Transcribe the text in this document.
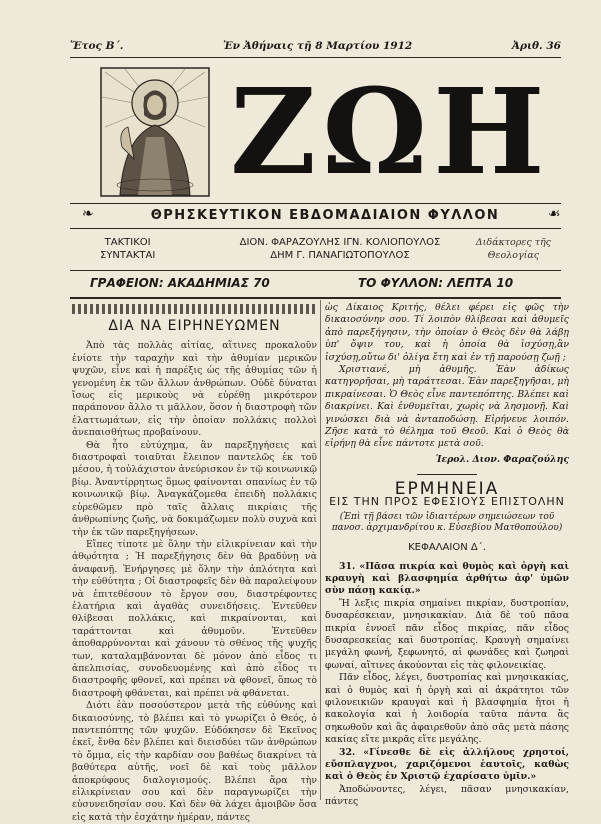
Ἔτος Β΄.	Ἐν Ἀθήναις τῇ 8 Μαρτίου 1912	Ἀριθ. 36
ΖΩΗ
❧	ΘΡΗΣΚΕΥΤΙΚΟΝ ΕΒΔΟΜΑΔΙΑΙΟΝ ΦΥΛΛΟΝ	☙
ΤΑΚΤΙΚΟΙ
ΣΥΝΤΑΚΤΑΙ
ΔΙΟΝ. ΦΑΡΑΖΟΥΛΗΣ ΙΓΝ. ΚΟΛΙΟΠΟΥΛΟΣ
ΔΗΜ Γ. ΠΑΝΑΓΙΩΤΟΠΟΥΛΟΣ
Διδάκτορες τῆς
Θεολογίας
ΓΡΑΦΕΙΟΝ: ΑΚΑΔΗΜΙΑΣ 70	ΤΟ ΦΥΛΛΟΝ: ΛΕΠΤΑ 10
ΔΙΑ ΝΑ ΕΙΡΗΝΕΥΩΜΕΝ

Ἀπὸ τὰς πολλὰς αἰτίας, αἵτινες προκαλοῦν ἐνίοτε τὴν ταραχὴν καὶ τὴν ἀθυμίαν μερικῶν ψυχῶν, εἶνε καὶ ἡ παρέξις ὡς τῆς ἀθυμίας τῶν ἡ γενομένη ἐκ τῶν ἄλλων ἀνθρώπων. Οὐδὲ δύναται ἴσως εἰς μερικοὺς νὰ εὑρέθῃ μικρότερον παράπονον ἄλλο τι μᾶλλον, ὅσον ἡ διαστροφὴ τῶν ἐλαττωμάτων, εἰς τὴν ὁποίαν πολλάκις πολλοὶ ἀνεπαισθήτως προβαίνουν.

Θὰ ἦτο εὐτύχημα, ἂν παρεξηγήσεις καὶ διαστροφαὶ τοιαῦται ἔλειπον παντελῶς ἐκ τοῦ μέσου, ἡ τοὐλάχιστον ἀνεύρισκον ἐν τῷ κοινωνικῷ βίῳ. Ἀναντίρρητως ὅμως φαίνονται σπανίως ἐν τῷ κοινωνικῷ βίῳ. Ἀναγκάζομεθα ἐπειδὴ πολλάκις εὑρεθῶμεν πρὸ ταῖς ἄλλαις πικρίαις τῆς ἀνθρωπίνης ζωῆς, νὰ δοκιμάζωμεν πολὺ συχνὰ καὶ τὴν ἐκ τῶν παρεξηγήσεων.

Εἴπες τίποτε μὲ ὅλην τὴν εἰλικρίνειαν καὶ τὴν ἀθῳότητα ; Ἡ παρεξήγησις δὲν θὰ βραδύνῃ νὰ ἀναφανῇ. Ἐνήργησες μὲ ὅλην τὴν ἁπλότητα καὶ τὴν εὐθύτητα ; Οἱ διαστροφεῖς δὲν θὰ παραλείψουν νὰ ἐπιτεθέσουν τὸ ἔργον σου, διαστρέφοντες ἐλατήρια καὶ ἀγαθὰς συνειδήσεις. Ἐντεῦθεν θλίβεσαι πολλάκις, καὶ πικραίνονται, καὶ ταράττονται καὶ ἀθυμοῦν. Ἐντεῦθεν ἀποθαρρύνονται καὶ χάνουν τὸ σθένος τῆς ψυχῆς των, καταλαμβάνονται δὲ μόνον ἀπὸ εἶδος τι ἀπελπισίας, συνοδευομένης καὶ ἀπὸ εἶδος τι διαστροφῆς φθονεῖ, καὶ πρέπει νὰ φθονεῖ, ὅπως τὸ διαστροφὴ φθάνεται, καὶ πρέπει νὰ φθάνεται.

Διότι ἐὰν ποσούστερον μετὰ τῆς εὐθύνης καὶ δικαιοσύνης, τὸ βλέπει καὶ τὸ γνωρίζει ὁ Θεός, ὁ παντεπόπτης τῶν ψυχῶν. Εὐδόκησεν δὲ Ἐκεῖνος ἐκεῖ, ἔνθα δὲν βλέπει καὶ διεισδύει τῶν ἀνθρώπων τὸ ὄμμα, εἰς τὴν καρδίαν σου βαθέως διακρίνει τὰ βαθύτερα αὐτῆς, νοεῖ δὲ καὶ τοὺς μᾶλλον ἀποκρύφους διαλογισμούς. Βλέπει ἄρα τὴν εἰλικρίνειαν σου καὶ δὲν παραγνωρίζει τὴν εὐσυνειδησίαν σου. Καὶ δὲν θὰ λάχει ἀμοιβῶν ὅσα εἰς κατὰ τὴν ἐσχάτην ἡμέραν, πάντες

ὡς Δίκαιος Κριτής, θέλει φέρει εἰς φῶς τὴν δικαιοσύνην σου. Τί λοιπὸν θλίβεσαι καὶ ἀθυμεῖς ἀπὸ παρεξήγησιν, τὴν ὁποίαν ὁ Θεὸς δὲν θὰ λάβῃ ὑπ' ὄψιν του, καὶ ἡ ὁποία θὰ ἰσχύσῃ,ἂν ἰσχύσῃ,οὔτω δι' ὀλίγα ἔτη καὶ ἐν τῇ παρούσῃ ζωῇ ;

Χριστιανέ, μὴ ἀθυμῆς. Ἐὰν ἀδίκως κατηγορῆσαι, μὴ ταράττεσαι. Ἐὰν παρεξηγῆσαι, μὴ πικραίνεσαι. Ὁ Θεὸς εἶνε παντεπόπτης. Βλέπει καὶ διακρίνει. Καὶ ἐνθυμεῖται, χωρὶς νὰ λησμονῇ. Καὶ γινώσκει διὰ νὰ ἀνταποδώσῃ. Εἰρήνευε λοιπόν. Ζῆσε κατὰ τὸ θέλημα τοῦ Θεοῦ. Καὶ ὁ Θεὸς θὰ εἰρήνῃ θὰ εἶνε πάντοτε μετὰ σοῦ.

Ἱερολ. Διον. Φαραζούλης
ΕΡΜΗΝΕΙΑ
ΕΙΣ ΤΗΝ ΠΡΟΣ ΕΦΕΣΙΟΥΣ ΕΠΙΣΤΟΛΗΝ
(Ἐπὶ τῇ βάσει τῶν ἰδιαιτέρων σημειώσεων τοῦ πανοσ. ἀρχιμανδρίτου κ. Εὐσεβίου Ματθοπούλου)
ΚΕΦΑΛΑΙΟΝ Δ΄.

31. «Πᾶσα πικρία καὶ θυμὸς καὶ ὀργὴ καὶ κραυγὴ καὶ βλασφημία ἀρθήτω ἀφ' ὑμῶν σὺν πάσῃ κακίᾳ.»

Ἤ λεξις πικρία σημαίνει πικρίαν, δυστροπίαν, δυσαρέσκειαν, μνησικακίαν. Διὰ δὲ τοῦ πᾶσα πικρία ἐννοεῖ πᾶν εἶδος πικρίας, πᾶν εἶδος δυσαρεσκείας καὶ δυστροπίας. Κραυγὴ σημαίνει μεγάλη φωνή, ξεφωνητό, αἱ φωνάδες καὶ ζωηραὶ φωναί, αἵτινες ἀκούονται εἰς τὰς φιλονεικίας.

Πᾶν εἶδος, λέγει, δυστροπίας καὶ μνησικακίας, καὶ ὁ θυμὸς καὶ ἡ ὀργὴ καὶ αἱ ἀκράτητοι τῶν φιλονεικιῶν κραυγαὶ καὶ ἡ βλασφημία ἤτοι ἡ κακολογία καὶ ἡ λοιδορία ταῦτα πάντα ἂς σηκωθοῦν καὶ ἂς ἀφαιρεθοῦν ἀπὸ σᾶς μετὰ πάσης κακίας εἴτε μικρᾶς εἴτε μεγάλης.

32. «Γίνεσθε δὲ εἰς ἀλλήλους χρηστοί, εὔσπλαγχνοι, χαριζόμενοι ἑαυτοῖς, καθὼς καὶ ὁ Θεὸς ἐν Χριστῷ ἐχαρίσατο ὑμῖν.»

Ἀποδώνοντες, λέγει, πᾶσαν μνησικακίαν, πάντες
